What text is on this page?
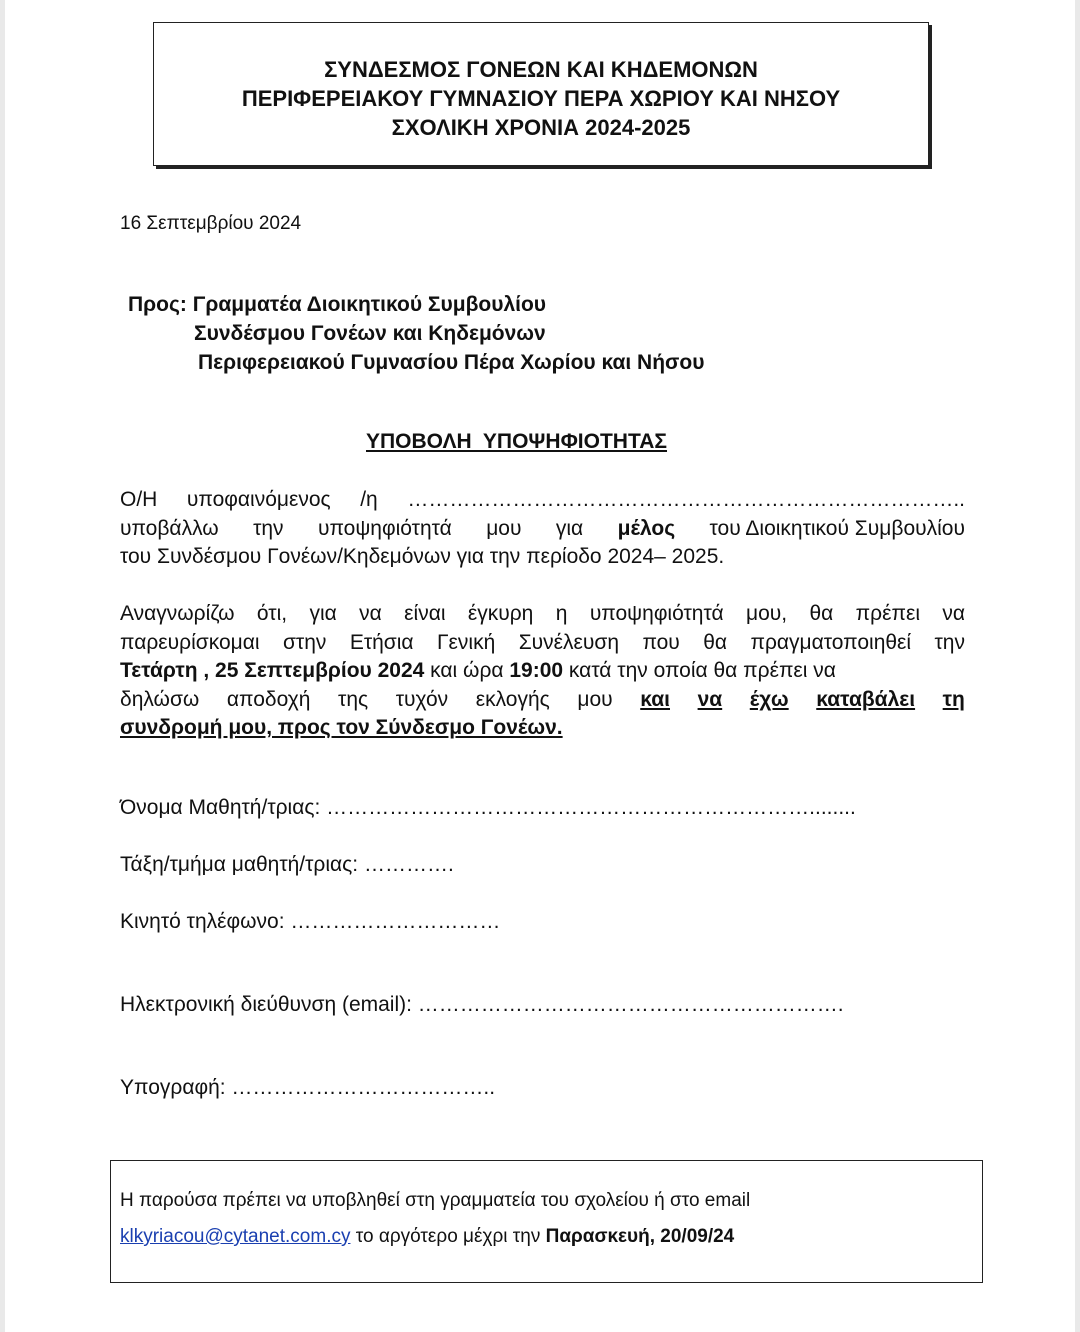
ΣΥΝΔΕΣΜΟΣ ΓΟΝΕΩΝ ΚΑΙ ΚΗΔΕΜΟΝΩΝ
ΠΕΡΙΦΕΡΕΙΑΚΟΥ ΓΥΜΝΑΣΙΟΥ ΠΕΡΑ ΧΩΡΙΟΥ ΚΑΙ ΝΗΣΟΥ
ΣΧΟΛΙΚΗ ΧΡΟΝΙΑ 2024-2025
16 Σεπτεμβρίου 2024
Προς: Γραμματέα Διοικητικού Συμβουλίου
Συνδέσμου Γονέων και Κηδεμόνων
Περιφερειακού Γυμνασίου Πέρα Χωρίου και Νήσου
ΥΠΟΒΟΛΗ  ΥΠΟΨΗΦΙΟΤΗΤΑΣ
Ο/Η υποφαινόμενος /η ……………………………………………………………………..
υποβάλλω την υποψηφιότητά μου για μέλος του Διοικητικού Συμβουλίου
του Συνδέσμου Γονέων/Κηδεμόνων για την περίοδο 2024– 2025.
Αναγνωρίζω ότι, για να είναι έγκυρη η υποψηφιότητά μου, θα πρέπει να
παρευρίσκομαι στην Ετήσια Γενική Συνέλευση που θα πραγματοποιηθεί την
Τετάρτη , 25 Σεπτεμβρίου 2024 και ώρα 19:00 κατά την οποία θα πρέπει να
δηλώσω αποδοχή της τυχόν εκλογής μου και να έχω καταβάλει τη
συνδρομή μου, προς τον Σύνδεσμο Γονέων.
Όνομα Μαθητή/τριας: ……………………………………………………………........
Τάξη/τμήμα μαθητή/τριας: ………….
Κινητό τηλέφωνο: …………………………
Ηλεκτρονική διεύθυνση (email): …………………………………………………….
Υπογραφή: ………………………………..
Η παρούσα πρέπει να υποβληθεί στη γραμματεία του σχολείου ή στο email
klkyriacou@cytanet.com.cy το αργότερο μέχρι την Παρασκευή, 20/09/24
